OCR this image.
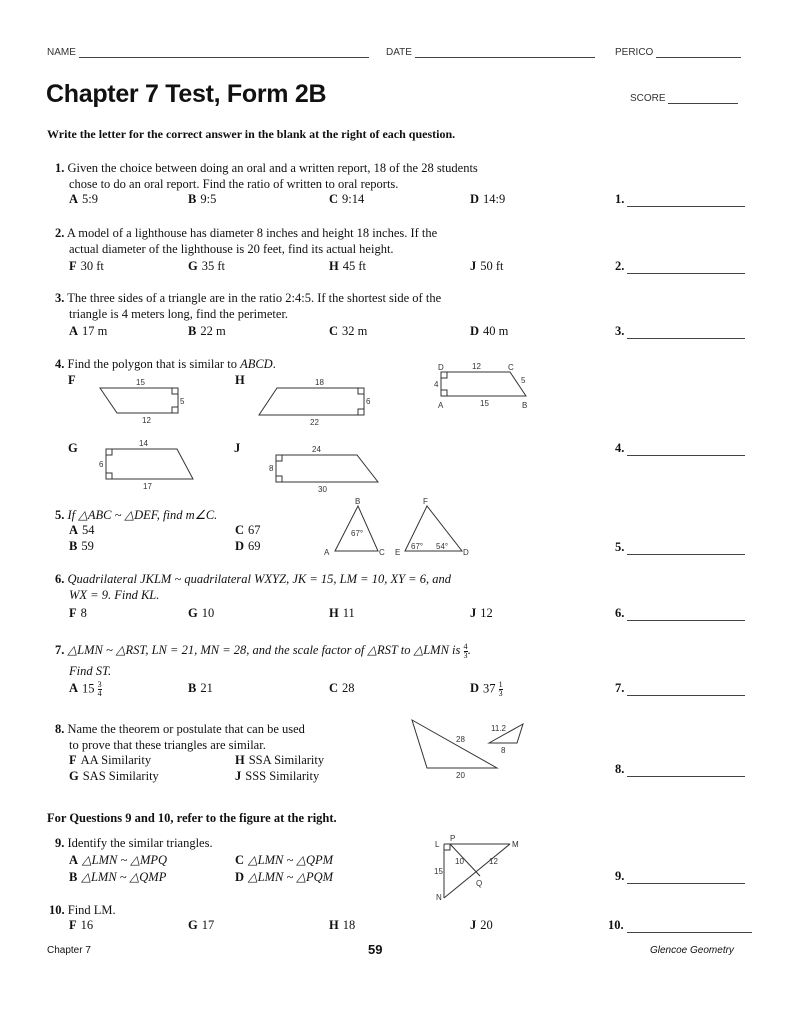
NAME	DATE	PERICO
Chapter 7 Test, Form 2B	SCORE
Write the letter for the correct answer in the blank at the right of each question.
1. Given the choice between doing an oral and a written report, 18 of the 28 students
chose to do an oral report. Find the ratio of written to oral reports.
A 5:9	B 9:5	C 9:14	D 14:9	1.
2. A model of a lighthouse has diameter 8 inches and height 18 inches. If the
actual diameter of the lighthouse is 20 feet, find its actual height.
F 30 ft	G 35 ft	H 45 ft	J 50 ft	2.
3. The three sides of a triangle are in the ratio 2:4:5. If the shortest side of the
triangle is 4 meters long, find the perimeter.
A 17 m	B 22 m	C 32 m	D 40 m	3.
4. Find the polygon that is similar to ABCD.
F	H
G	J
15
5
12
18
6
22
D	C
A	B
12
4	5
15
14
6
17
24
8
30
4.
5. If △ABC ~ △DEF, find m∠C.
A 54	C 67
B 59	D 69
B
A	C
F
E	D
67°
67° 54°	5.
6. Quadrilateral JKLM ~ quadrilateral WXYZ, JK = 15, LM = 10, XY = 6, and
WX = 9. Find KL.
F 8	G 10	H 11	J 12	6.
7. △LMN ~ △RST, LN = 21, MN = 28, and the scale factor of △RST to △LMN is $\frac{4}{3}$ .
Find ST.
A $15 \frac{3}{4}$	B 21	C 28	D $37 \frac{1}{3}$	7.
8. Name the theorem or postulate that can be used
to prove that these triangles are similar.
F AA Similarity	H SSA Similarity
G SAS Similarity	J SSS Similarity
28
20
11.2
8
8.
For Questions 9 and 10, refer to the figure at the right.
9. Identify the similar triangles.
A △LMN ~ △MPQ	C △LMN ~ △QPM
B △LMN ~ △QMP	D △LMN ~ △PQM
L
P
M
N
Q
10	12
15	9.
10. Find LM.
F 16	G 17	H 18	J 20	10.
Chapter 7	59	Glencoe Geometry
